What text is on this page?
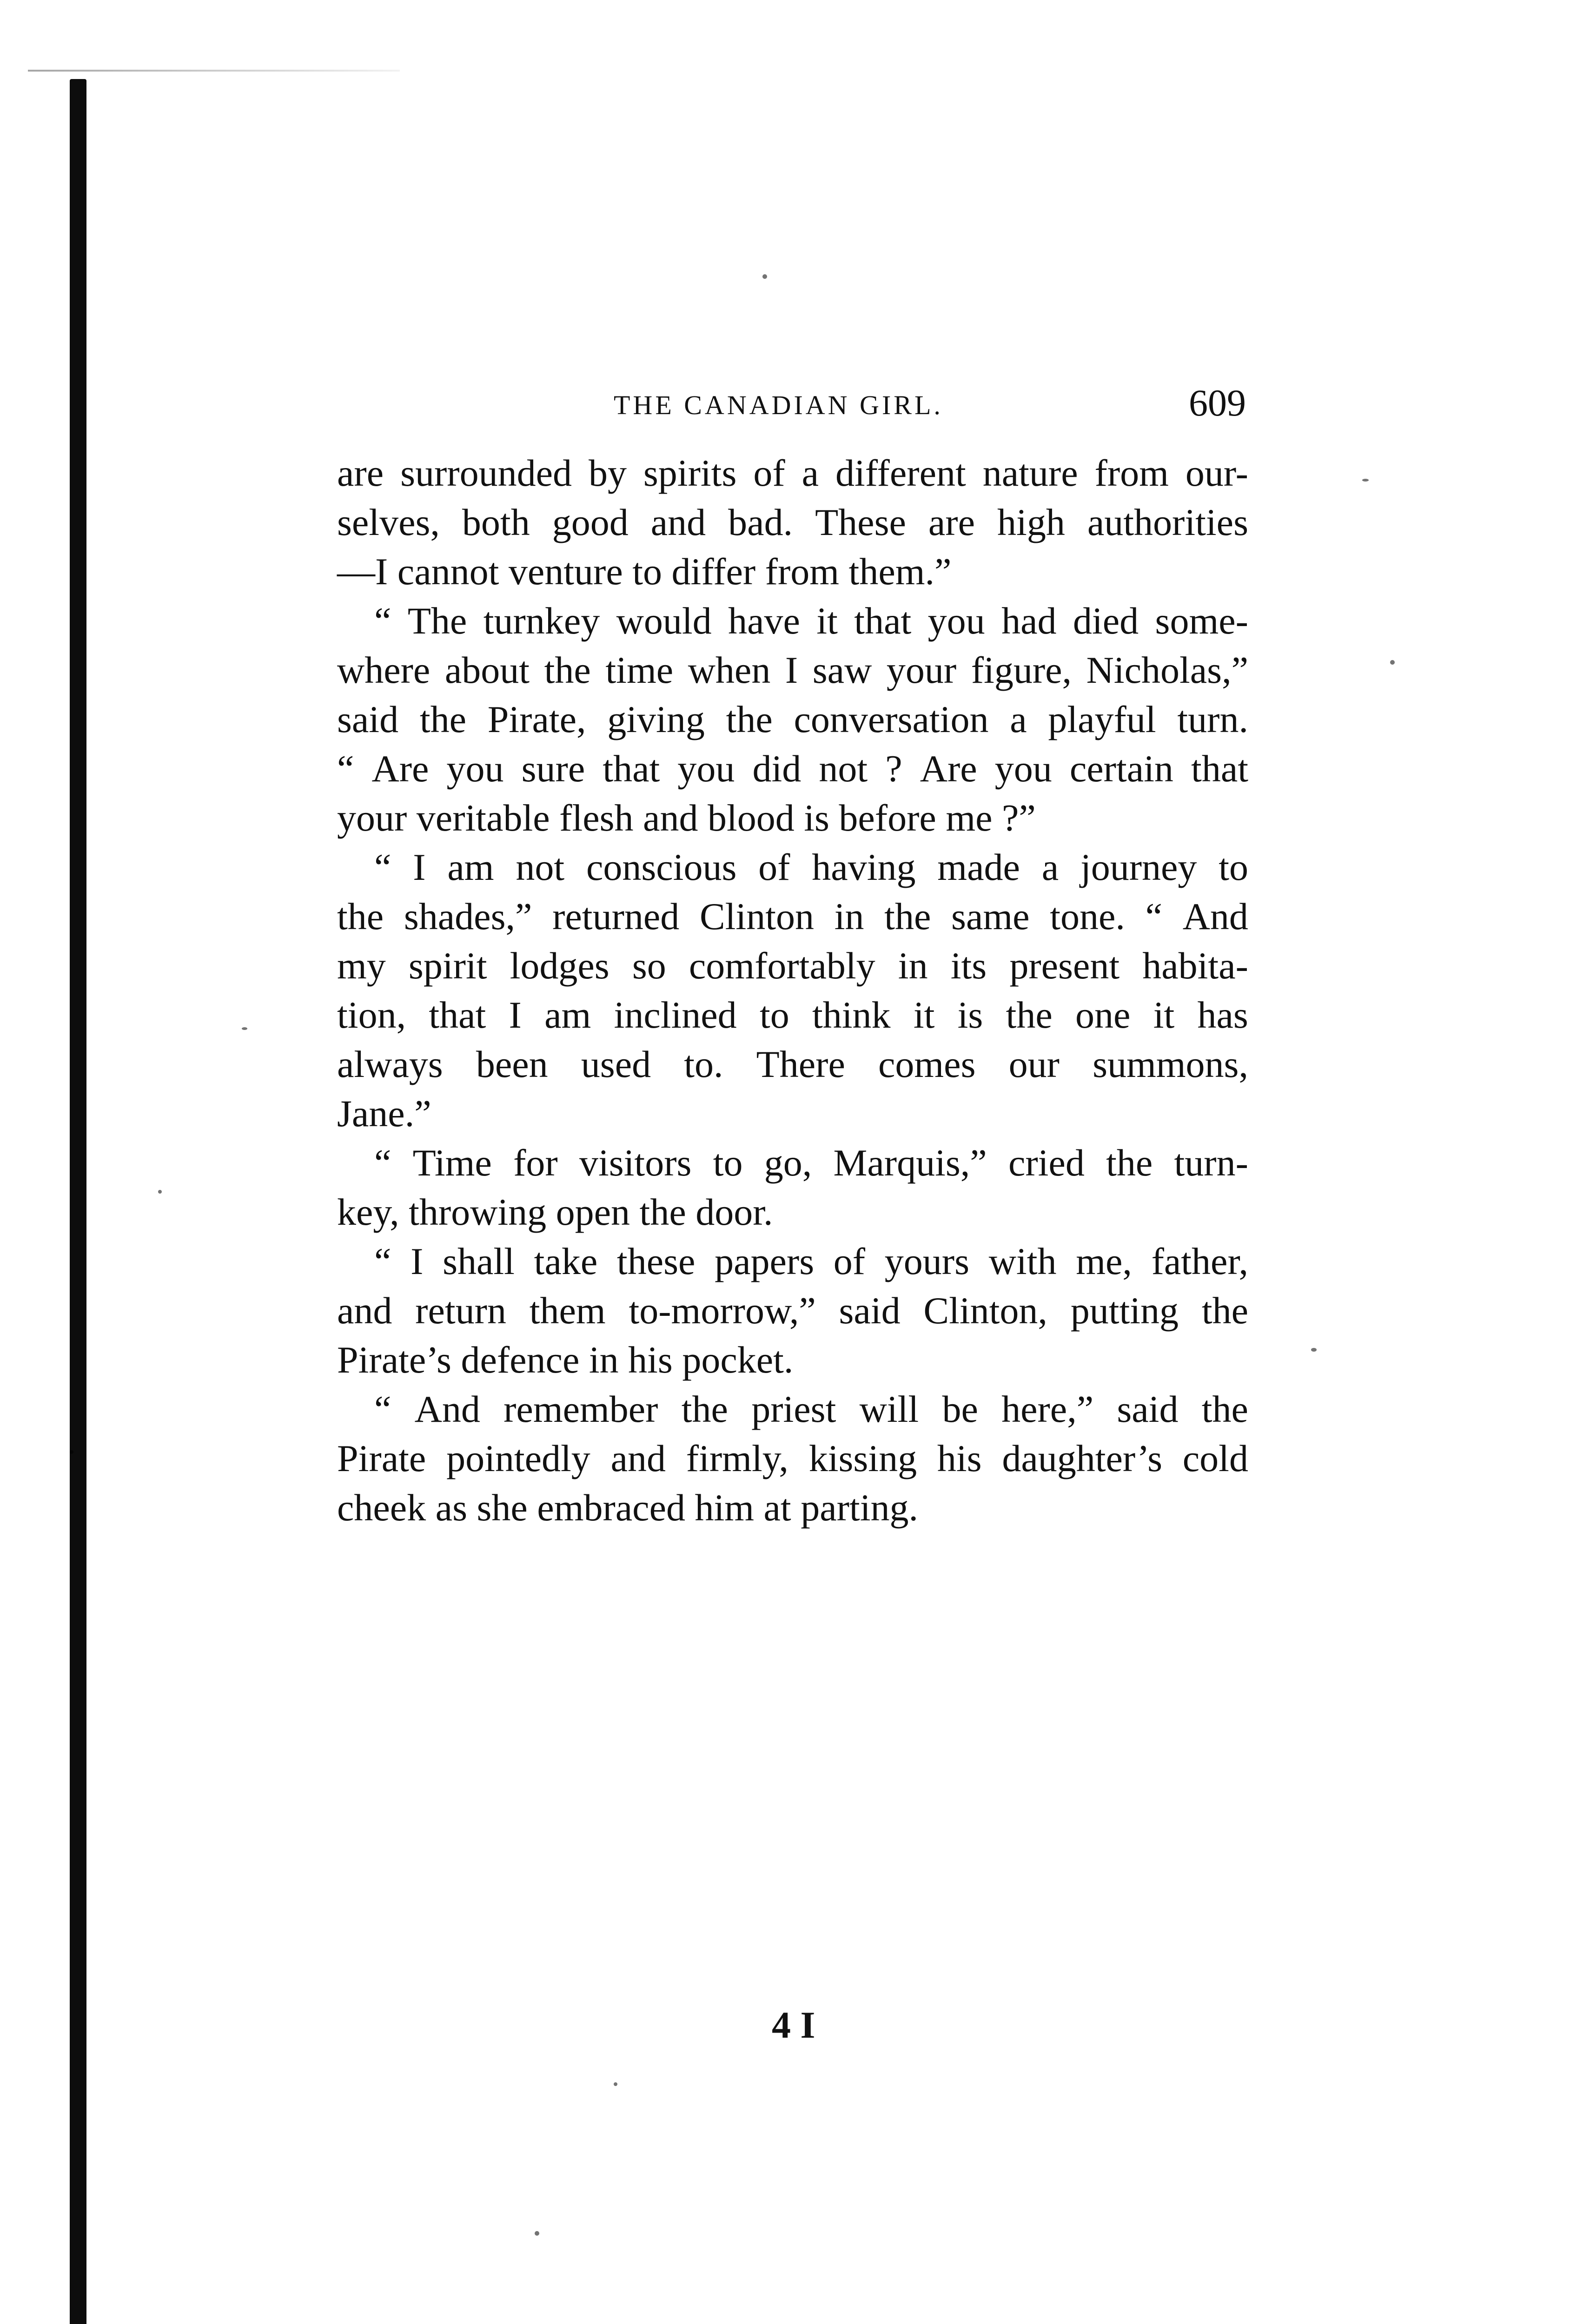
THE CANADIAN GIRL.	609
are surrounded by spirits of a different nature from our-
selves, both good and bad. These are high authorities
—I cannot venture to differ from them.”
“ The turnkey would have it that you had died some-
where about the time when I saw your figure, Nicholas,”
said the Pirate, giving the conversation a playful turn.
“ Are you sure that you did not ? Are you certain that
your veritable flesh and blood is before me ?”
“ I am not conscious of having made a journey to
the shades,” returned Clinton in the same tone. “ And
my spirit lodges so comfortably in its present habita-
tion, that I am inclined to think it is the one it has
always been used to. There comes our summons,
Jane.”
“ Time for visitors to go, Marquis,” cried the turn-
key, throwing open the door.
“ I shall take these papers of yours with me, father,
and return them to-morrow,” said Clinton, putting the
Pirate’s defence in his pocket.
“ And remember the priest will be here,” said the
Pirate pointedly and firmly, kissing his daughter’s cold
cheek as she embraced him at parting.
4 I
